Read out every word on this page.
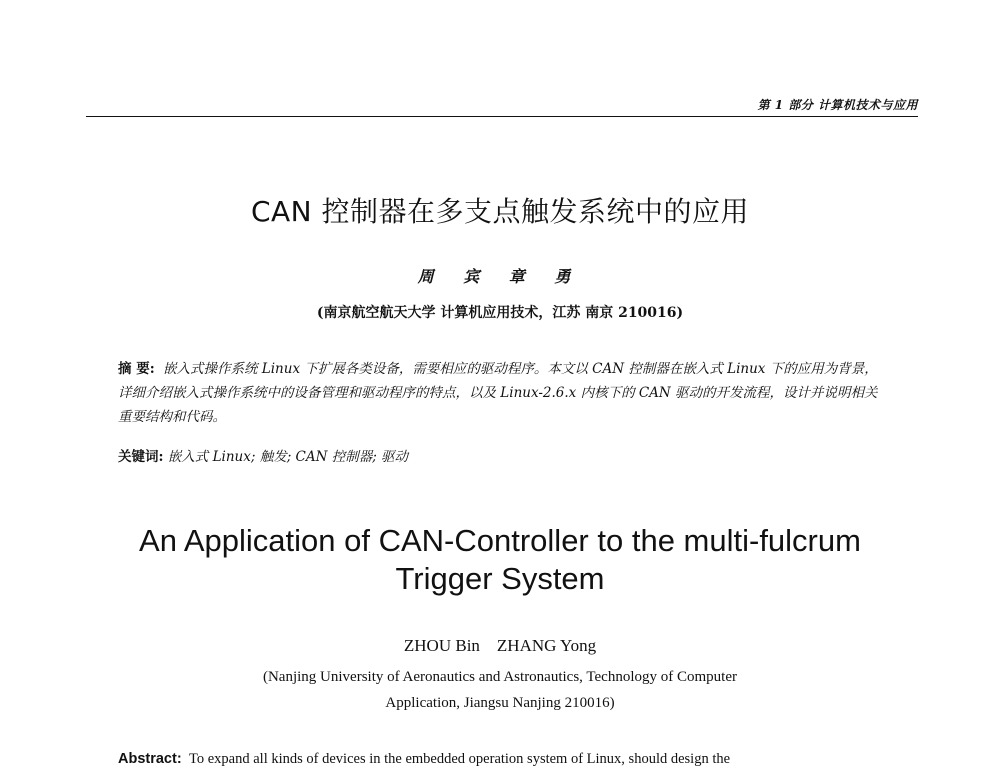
第 1 部分 计算机技术与应用
CAN 控制器在多支点触发系统中的应用
周 宾 章 勇
(南京航空航天大学 计算机应用技术，江苏 南京 210016)
摘 要: 嵌入式操作系统 Linux 下扩展各类设备，需要相应的驱动程序。本文以 CAN 控制器在嵌入式 Linux 下的应用为背景，详细介绍嵌入式操作系统中的设备管理和驱动程序的特点，以及 Linux-2.6.x 内核下的 CAN 驱动的开发流程，设计并说明相关重要结构和代码。
关键词: 嵌入式 Linux; 触发; CAN 控制器; 驱动
An Application of CAN-Controller to the multi-fulcrum
Trigger System
ZHOU Bin    ZHANG Yong
(Nanjing University of Aeronautics and Astronautics, Technology of Computer
Application, Jiangsu Nanjing 210016)
Abstract: To expand all kinds of devices in the embedded operation system of Linux, should design the
